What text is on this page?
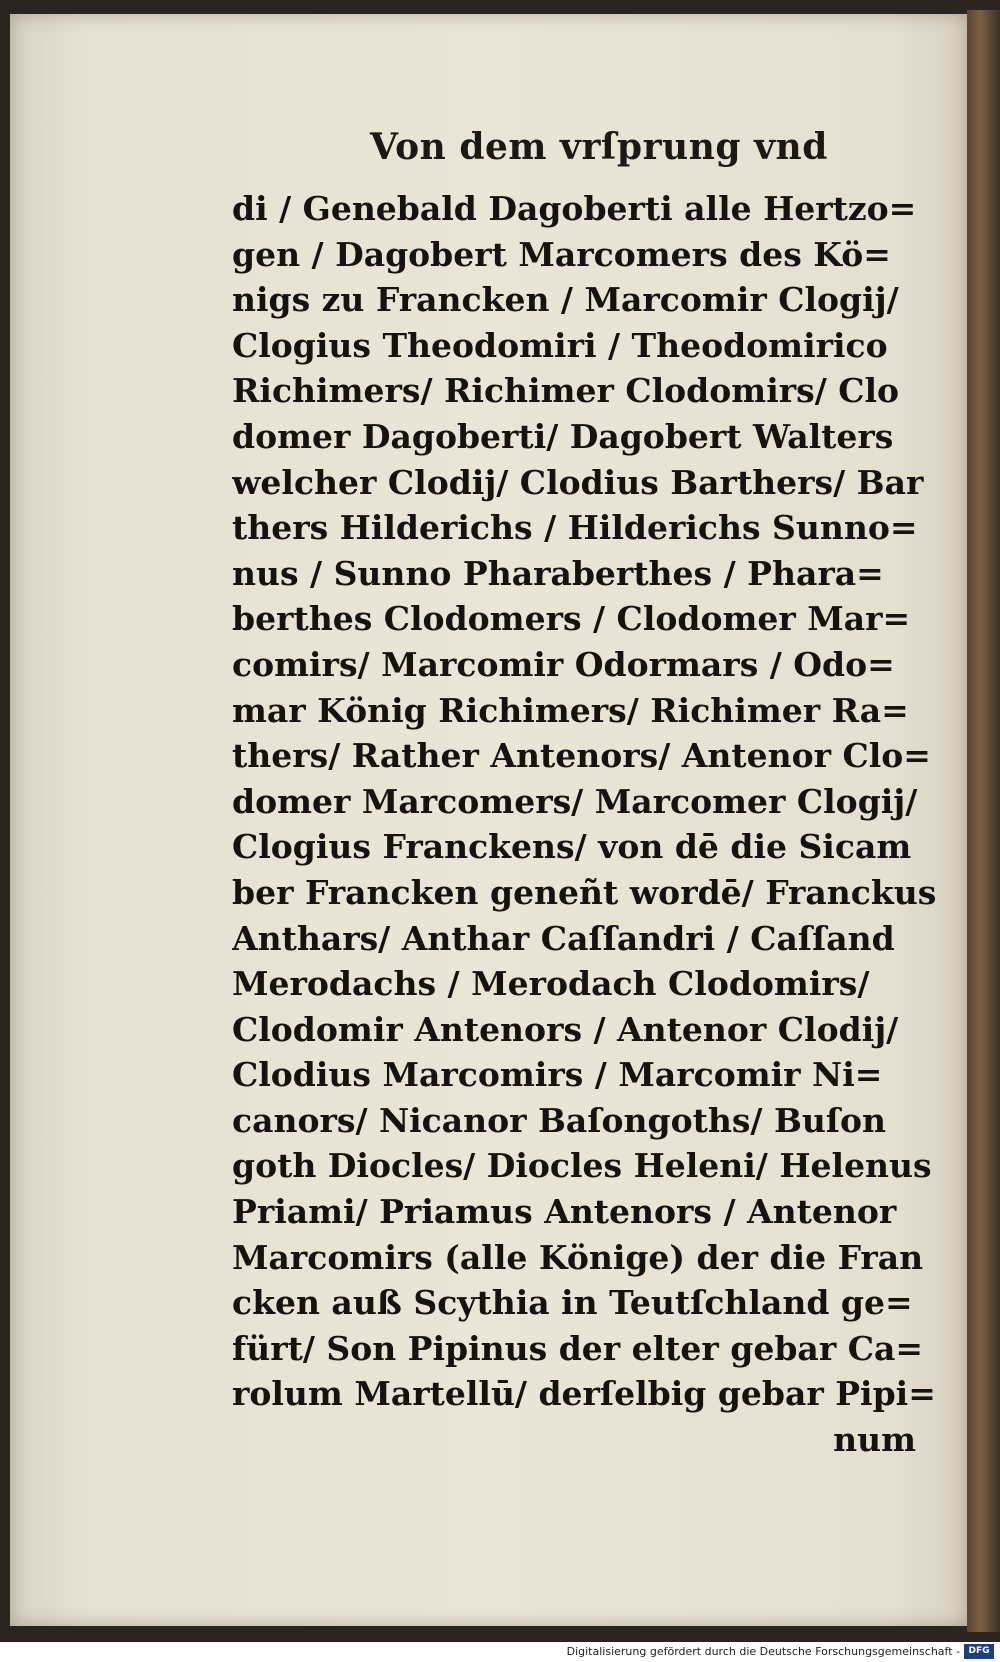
Von dem vrſprung vnd
di / Genebald Dagoberti alle Hertzo=
gen / Dagobert Marcomers des Kö=
nigs zu Francken / Marcomir Clogij/
Clogius Theodomiri / Theodomirico
Richimers/ Richimer Clodomirs/ Clo
domer Dagoberti/ Dagobert Walters
welcher Clodij/ Clodius Barthers/ Bar
thers Hilderichs / Hilderichs Sunno=
nus / Sunno Pharaberthes / Phara=
berthes Clodomers / Clodomer Mar=
comirs/ Marcomir Odormars / Odo=
mar König Richimers/ Richimer Ra=
thers/ Rather Antenors/ Antenor Clo=
domer Marcomers/ Marcomer Clogij/
Clogius Franckens/ von dē die Sicam
ber Francken geneñt wordē/ Franckus
Anthars/ Anthar Caſſandri / Caſſand
Merodachs / Merodach Clodomirs/
Clodomir Antenors / Antenor Clodij/
Clodius Marcomirs / Marcomir Ni=
canors/ Nicanor Baſongoths/ Buſon
goth Diocles/ Diocles Heleni/ Helenus
Priami/ Priamus Antenors / Antenor
Marcomirs (alle Könige) der die Fran
cken auß Scythia in Teutſchland ge=
fürt/ Son Pipinus der elter gebar Ca=
rolum Martellū/ derſelbig gebar Pipi=
num
Digitalisierung gefördert durch die Deutsche Forschungsgemeinschaft - DFG
